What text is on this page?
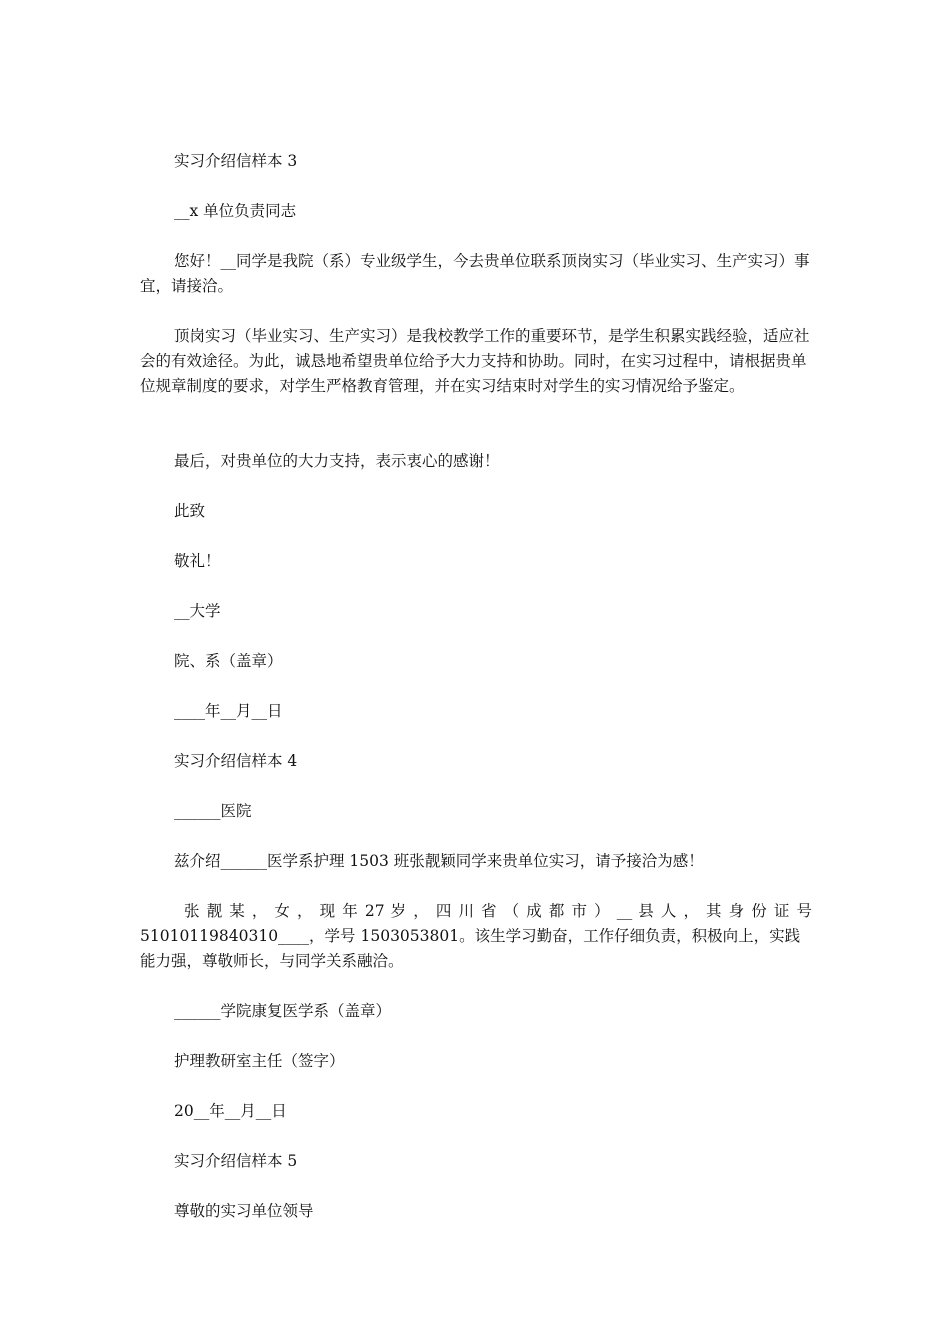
实习介绍信样本 3

__x 单位负责同志

您好！__同学是我院（系）专业级学生，今去贵单位联系顶岗实习（毕业实习、生产实习）事宜，请接洽。

顶岗实习（毕业实习、生产实习）是我校教学工作的重要环节，是学生积累实践经验，适应社会的有效途径。为此，诚恳地希望贵单位给予大力支持和协助。同时，在实习过程中，请根据贵单位规章制度的要求，对学生严格教育管理，并在实习结束时对学生的实习情况给予鉴定。

最后，对贵单位的大力支持，表示衷心的感谢！

此致

敬礼！

__大学

院、系（盖章）

____年__月__日

实习介绍信样本 4

______医院

兹介绍______医学系护理 1503 班张靓颖同学来贵单位实习，请予接洽为感！

张 靓 某 ， 女 ， 现 年 27 岁 ， 四 川 省 （ 成 都 市 ） __ 县 人 ， 其 身 份 证 号

51010119840310____，学号 1503053801。该生学习勤奋，工作仔细负责，积极向上，实践能力强，尊敬师长，与同学关系融洽。

______学院康复医学系（盖章）

护理教研室主任（签字）

20__年__月__日

实习介绍信样本 5

尊敬的实习单位领导
